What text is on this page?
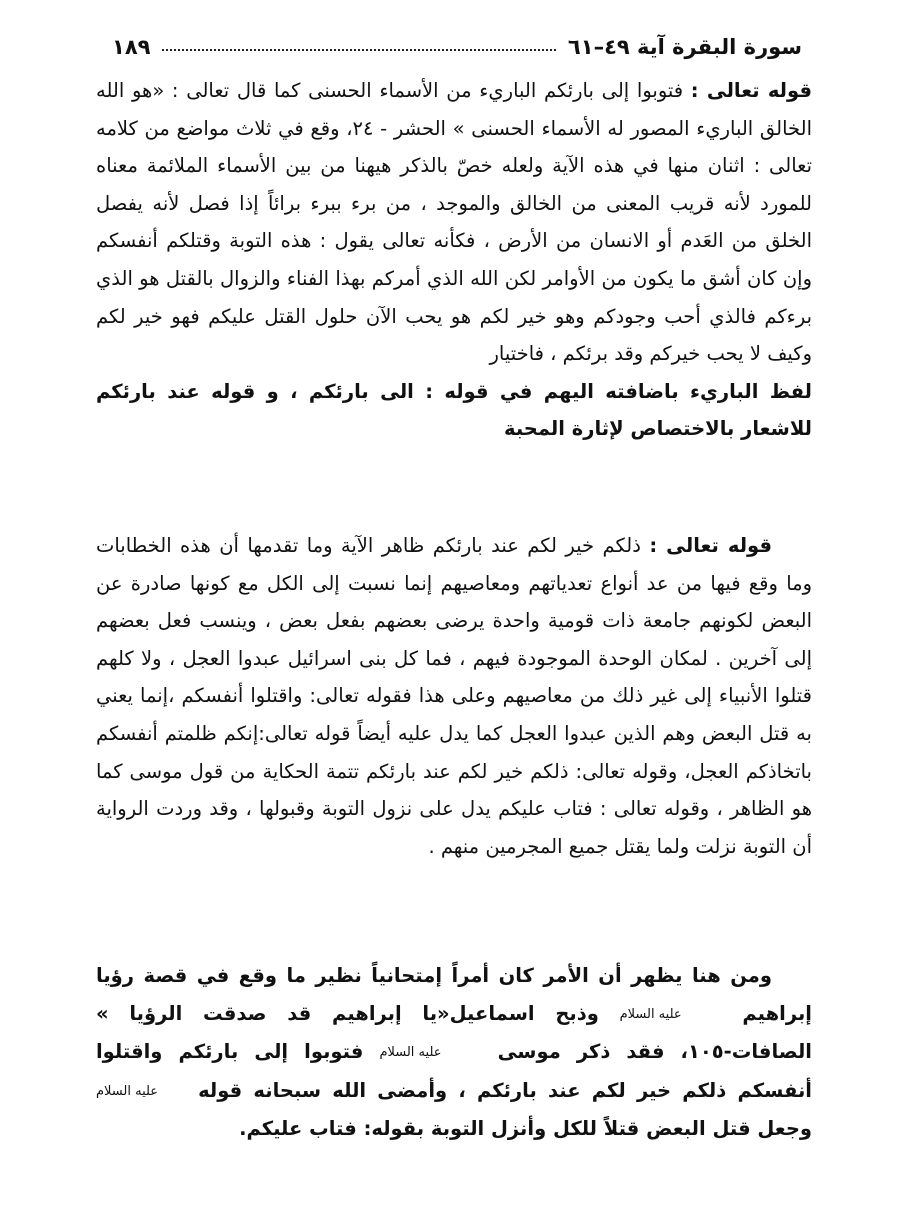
سورة البقرة آية ٤٩–٦١
١٨٩

قوله تعالى : فتوبوا إلى بارئكم الباريء من الأسماء الحسنى كما قال تعالى : «هو الله الخالق الباريء المصور له الأسماء الحسنى » الحشر - ٢٤، وقع في ثلاث مواضع من كلامه تعالى : اثنان منها في هذه الآية ولعله خصّ بالذكر هيهنا من بين الأسماء الملائمة معناه للمورد لأنه قريب المعنى من الخالق والموجد ، من برء ببرء برائاً إذا فصل لأنه يفصل الخلق من العَدم أو الانسان من الأرض ، فكأنه تعالى يقول : هذه التوبة وقتلكم أنفسكم وإن كان أشق ما يكون من الأوامر لكن الله الذي أمركم بهذا الفناء والزوال بالقتل هو الذي برءكم فالذي أحب وجودكم وهو خير لكم هو يحب الآن حلول القتل عليكم فهو خير لكم وكيف لا يحب خيركم وقد برئكم ، فاختيار

لفظ الباريء باضافته اليهم في قوله : الى بارئكم ، و قوله عند بارئكم للاشعار بالاختصاص لإثارة المحبة

قوله تعالى : ذلكم خير لكم عند بارئكم ظاهر الآية وما تقدمها أن هذه الخطابات وما وقع فيها من عد أنواع تعدياتهم ومعاصيهم إنما نسبت إلى الكل مع كونها صادرة عن البعض لكونهم جامعة ذات قومية واحدة يرضى بعضهم بفعل بعض ، وينسب فعل بعضهم إلى آخرين . لمكان الوحدة الموجودة فيهم ، فما كل بنى اسرائيل عبدوا العجل ، ولا كلهم قتلوا الأنبياء إلى غير ذلك من معاصيهم وعلى هذا فقوله تعالى: واقتلوا أنفسكم ،إنما يعني به قتل البعض وهم الذين عبدوا العجل كما يدل عليه أيضاً قوله تعالى:إنكم ظلمتم أنفسكم باتخاذكم العجل، وقوله تعالى: ذلكم خير لكم عند بارئكم تتمة الحكاية من قول موسى كما هو الظاهر ، وقوله تعالى : فتاب عليكم يدل على نزول التوبة وقبولها ، وقد وردت الرواية أن التوبة نزلت ولما يقتل جميع المجرمين منهم .

ومن هنا يظهر أن الأمر كان أمراً إمتحانياً نظير ما وقع في قصة رؤيا إبراهيم عليه السلام وذبح اسماعيل«يا إبراهيم قد صدقت الرؤيا » الصافات-١٠٥، فقد ذكر موسى عليه السلام فتوبوا إلى بارئكم واقتلوا أنفسكم ذلكم خير لكم عند بارئكم ، وأمضى الله سبحانه قولهعليه السلام وجعل قتل البعض قتلاً للكل وأنزل التوبة بقوله: فتاب عليكم.
